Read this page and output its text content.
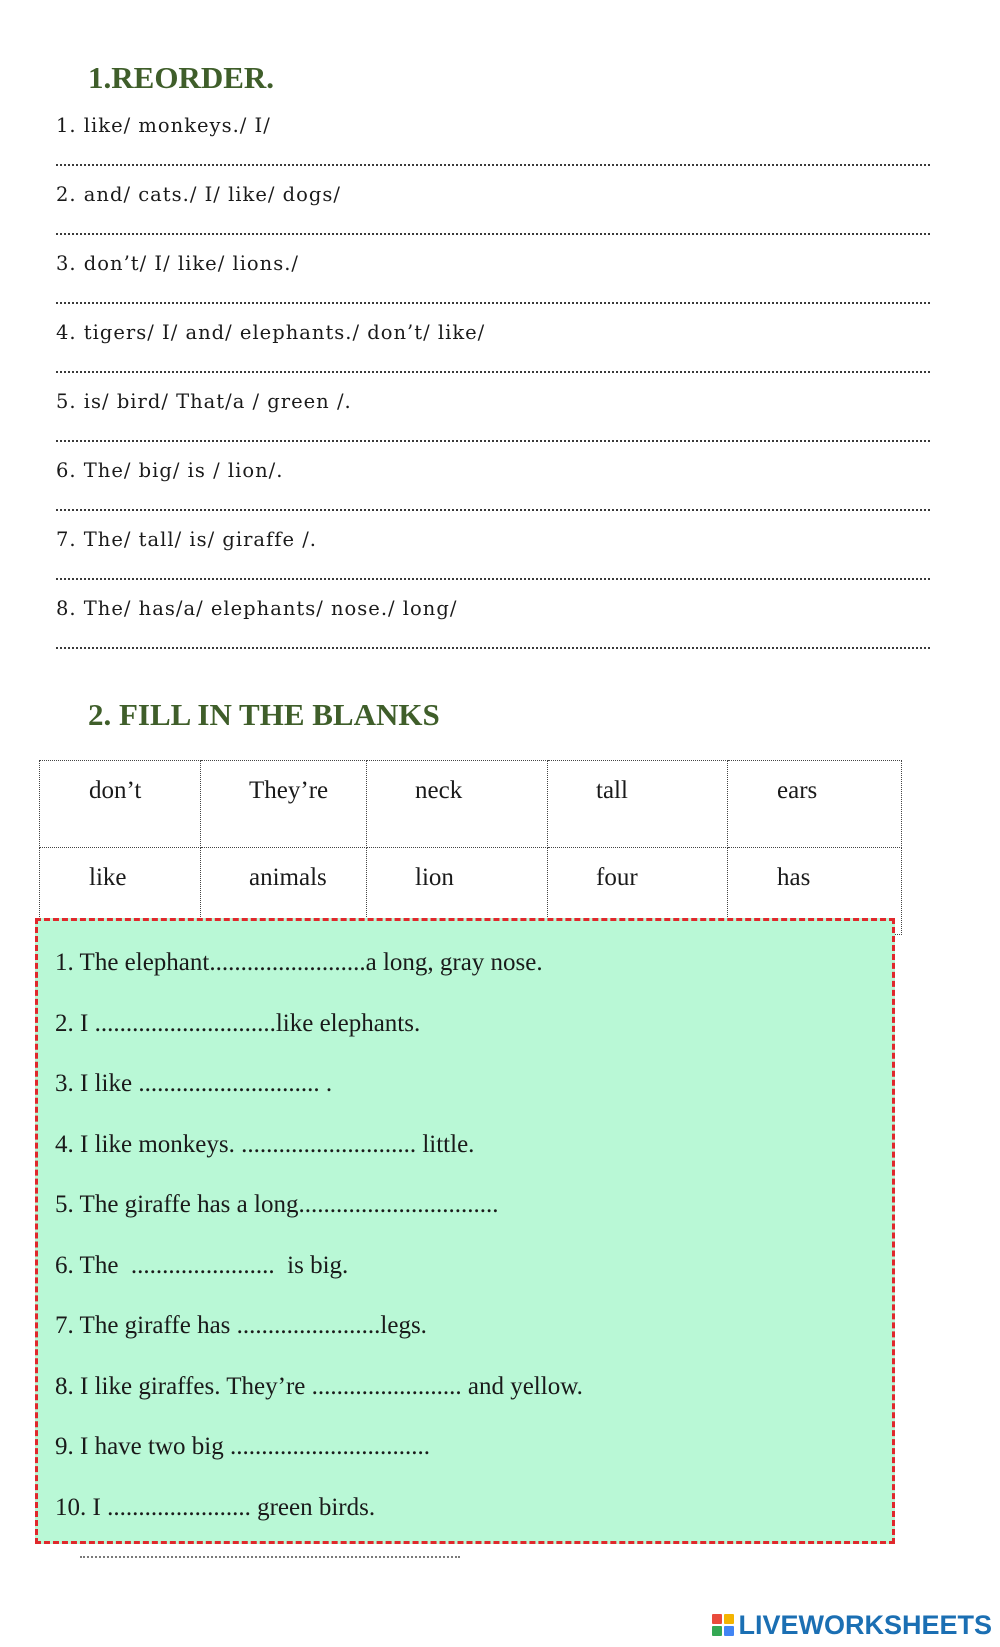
1.REORDER.
1. like/ monkeys./ I/
2. and/ cats./ I/ like/ dogs/
3. don’t/ I/ like/ lions./
4. tigers/ I/ and/ elephants./ don’t/ like/
5. is/ bird/ That/a / green /.
6. The/ big/ is / lion/.
7. The/ tall/ is/ giraffe /.
8. The/ has/a/ elephants/ nose./ long/
2. FILL IN THE BLANKS
don’t	They’re	neck	tall	ears
like	animals	lion	four	has
1. The elephant.........................a long, gray nose.
2. I .............................like elephants.
3. I like ............................. .
4. I like monkeys. ............................ little.
5. The giraffe has a long................................
6. The  .......................  is big.
7. The giraffe has .......................legs.
8. I like giraffes. They’re ........................ and yellow.
9. I have two big ................................
10. I ....................... green birds.
LIVEWORKSHEETS
